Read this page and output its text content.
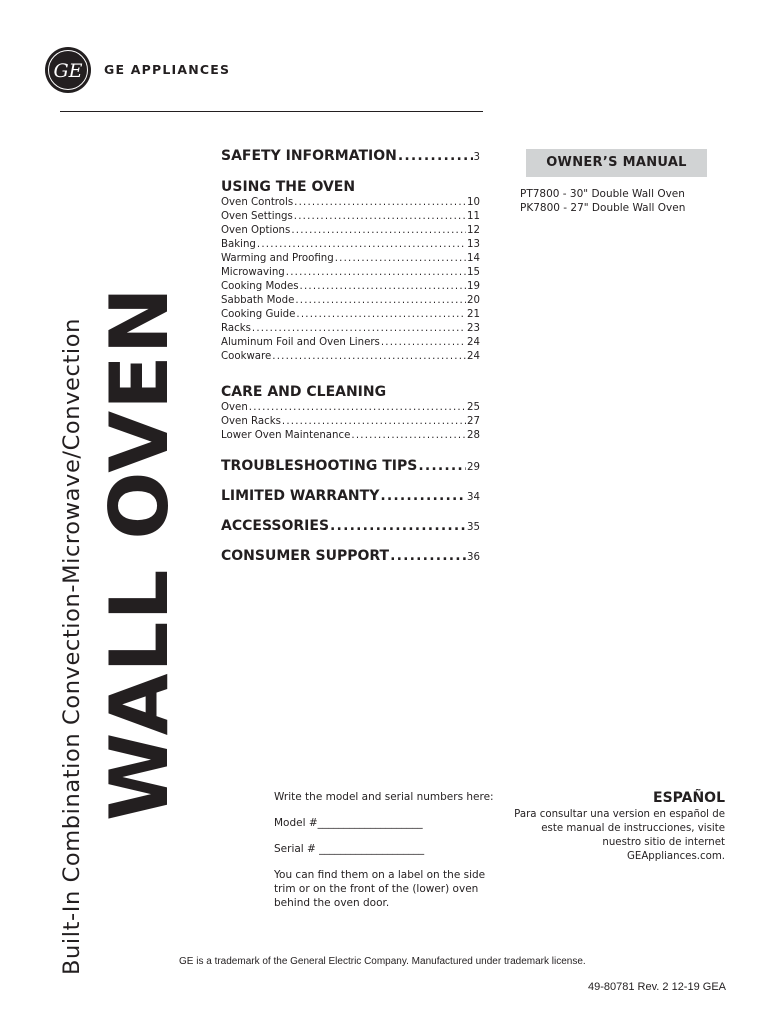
GE GE APPLIANCES
Built-In Combination Convection-Microwave/Convection WALL OVEN
SAFETY INFORMATION .....	3
USING THE OVEN
Oven Controls .....	10
Oven Settings .....	11
Oven Options .....	12
Baking .....	13
Warming and Proofing .....	14
Microwaving .....	15
Cooking Modes .....	19
Sabbath Mode .....	20
Cooking Guide .....	21
Racks .....	23
Aluminum Foil and Oven Liners .....	24
Cookware .....	24
CARE AND CLEANING
Oven .....	25
Oven Racks .....	27
Lower Oven Maintenance .....	28
TROUBLESHOOTING TIPS .....	29
LIMITED WARRANTY .....	34
ACCESSORIES .....	35
CONSUMER SUPPORT .....	36
OWNER’S MANUAL
PT7800 - 30" Double Wall Oven
PK7800 - 27" Double Wall Oven
Write the model and serial numbers here:
Model #____________________
Serial # ____________________
You can find them on a label on the side trim or on the front of the (lower) oven behind the oven door.
ESPAÑOL
Para consultar una version en español de este manual de instrucciones, visite nuestro sitio de internet GEAppliances.com.
GE is a trademark of the General Electric Company. Manufactured under trademark license.
49-80781 Rev. 2 12-19 GEA
